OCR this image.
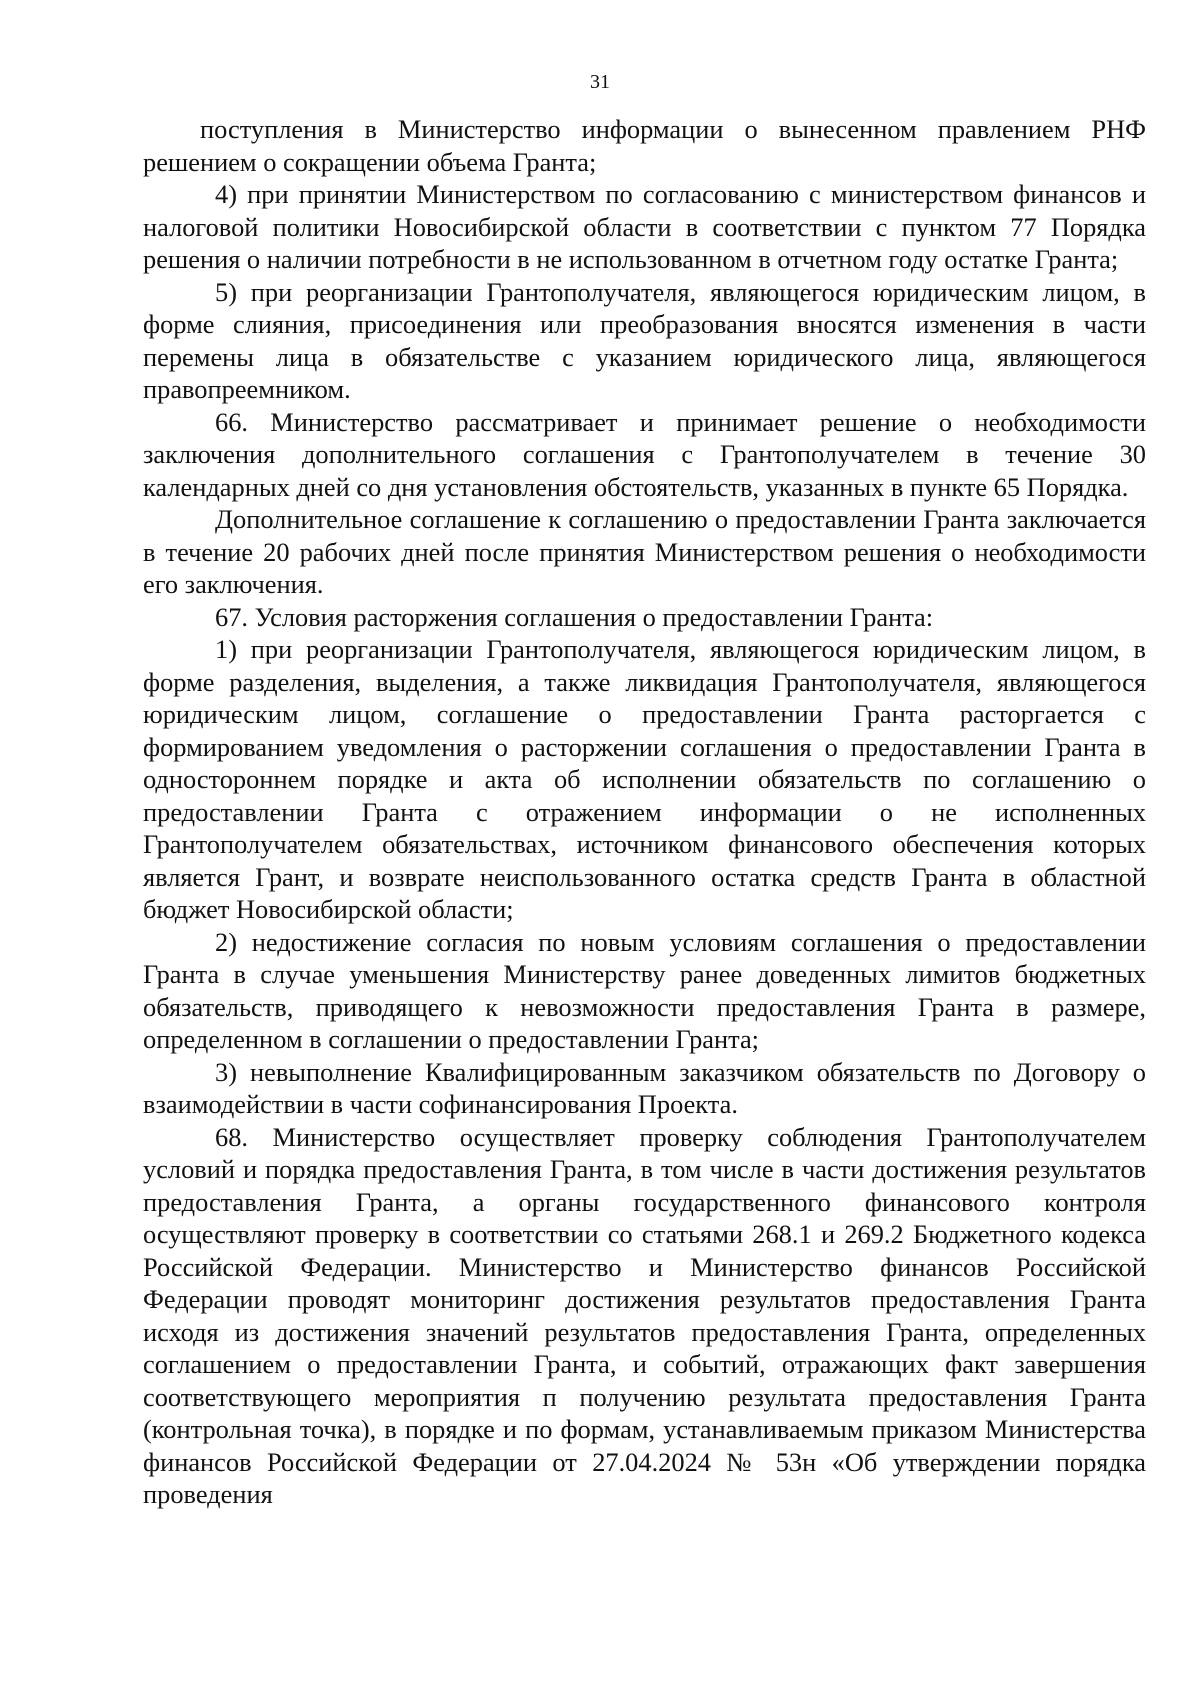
31

поступления в Министерство информации о вынесенном правлением РНФ решением о сокращении объема Гранта;

4) при принятии Министерством по согласованию с министерством финансов и налоговой политики Новосибирской области в соответствии с пунктом 77 Порядка решения о наличии потребности в не использованном в отчетном году остатке Гранта;

5) при реорганизации Грантополучателя, являющегося юридическим лицом, в форме слияния, присоединения или преобразования вносятся изменения в части перемены лица в обязательстве с указанием юридического лица, являющегося правопреемником.

66. Министерство рассматривает и принимает решение о необходимости заключения дополнительного соглашения с Грантополучателем в течение 30 календарных дней со дня установления обстоятельств, указанных в пункте 65 Порядка.

Дополнительное соглашение к соглашению о предоставлении Гранта заключается в течение 20 рабочих дней после принятия Министерством решения о необходимости его заключения.

67. Условия расторжения соглашения о предоставлении Гранта:

1) при реорганизации Грантополучателя, являющегося юридическим лицом, в форме разделения, выделения, а также ликвидация Грантополучателя, являющегося юридическим лицом, соглашение о предоставлении Гранта расторгается с формированием уведомления о расторжении соглашения о предоставлении Гранта в одностороннем порядке и акта об исполнении обязательств по соглашению о предоставлении Гранта с отражением информации о не исполненных Грантополучателем обязательствах, источником финансового обеспечения которых является Грант, и возврате неиспользованного остатка средств Гранта в областной бюджет Новосибирской области;

2) недостижение согласия по новым условиям соглашения о предоставлении Гранта в случае уменьшения Министерству ранее доведенных лимитов бюджетных обязательств, приводящего к невозможности предоставления Гранта в размере, определенном в соглашении о предоставлении Гранта;

3) невыполнение Квалифицированным заказчиком обязательств по Договору о взаимодействии в части софинансирования Проекта.

68. Министерство осуществляет проверку соблюдения Грантополучателем условий и порядка предоставления Гранта, в том числе в части достижения результатов предоставления Гранта, а органы государственного финансового контроля осуществляют проверку в соответствии со статьями 268.1 и 269.2 Бюджетного кодекса Российской Федерации. Министерство и Министерство финансов Российской Федерации проводят мониторинг достижения результатов предоставления Гранта исходя из достижения значений результатов предоставления Гранта, определенных соглашением о предоставлении Гранта, и событий, отражающих факт завершения соответствующего мероприятия п получению результата предоставления Гранта (контрольная точка), в порядке и по формам, устанавливаемым приказом Министерства финансов Российской Федерации от 27.04.2024 № 53н «Об утверждении порядка проведения
